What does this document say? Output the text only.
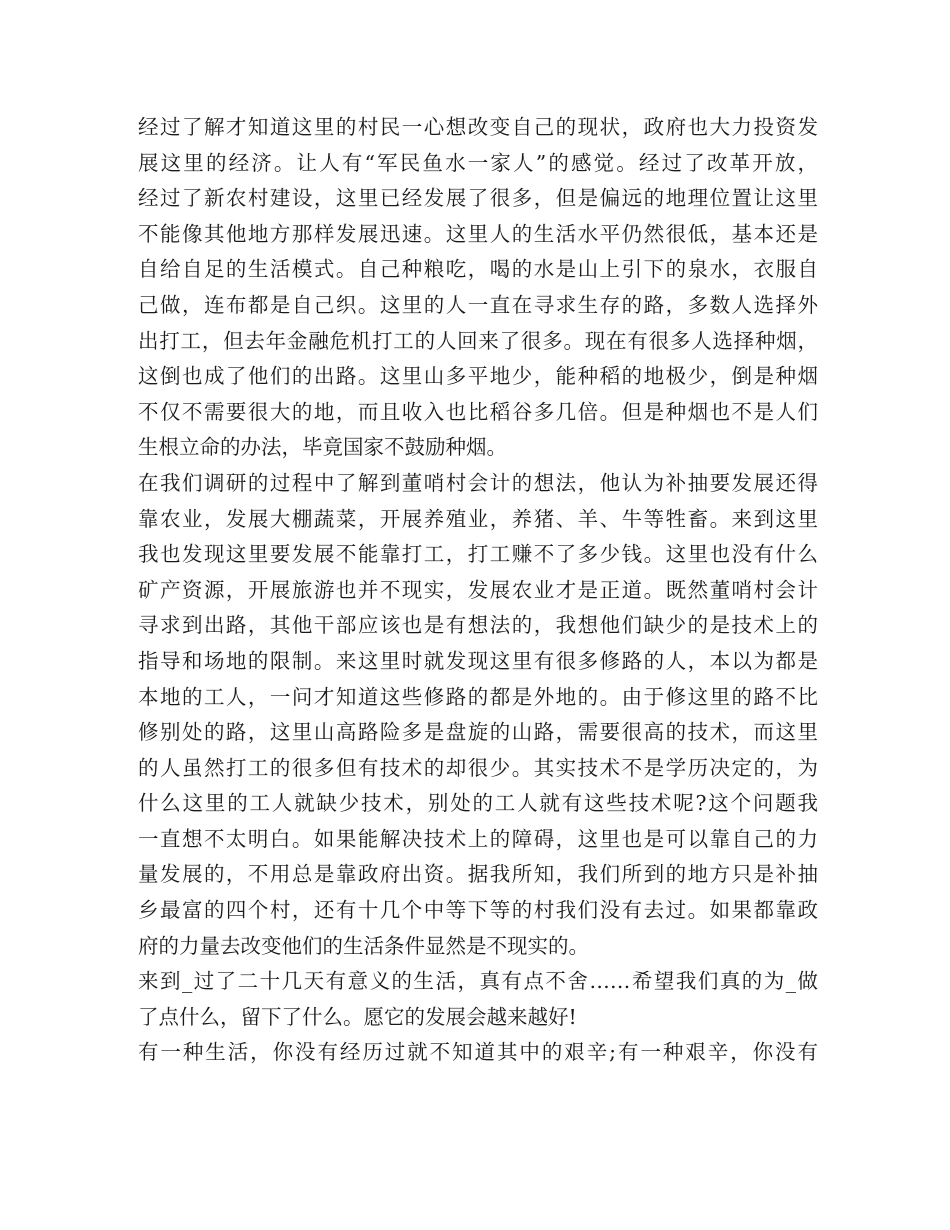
经过了解才知道这里的村民一心想改变自己的现状，政府也大力投资发
展这里的经济。让人有“军民鱼水一家人”的感觉。经过了改革开放，
经过了新农村建设，这里已经发展了很多，但是偏远的地理位置让这里
不能像其他地方那样发展迅速。这里人的生活水平仍然很低，基本还是
自给自足的生活模式。自己种粮吃，喝的水是山上引下的泉水，衣服自
己做，连布都是自己织。这里的人一直在寻求生存的路，多数人选择外
出打工，但去年金融危机打工的人回来了很多。现在有很多人选择种烟，
这倒也成了他们的出路。这里山多平地少，能种稻的地极少，倒是种烟
不仅不需要很大的地，而且收入也比稻谷多几倍。但是种烟也不是人们
生根立命的办法，毕竟国家不鼓励种烟。
在我们调研的过程中了解到董哨村会计的想法，他认为补抽要发展还得
靠农业，发展大棚蔬菜，开展养殖业，养猪、羊、牛等牲畜。来到这里
我也发现这里要发展不能靠打工，打工赚不了多少钱。这里也没有什么
矿产资源，开展旅游也并不现实，发展农业才是正道。既然董哨村会计
寻求到出路，其他干部应该也是有想法的，我想他们缺少的是技术上的
指导和场地的限制。来这里时就发现这里有很多修路的人，本以为都是
本地的工人，一问才知道这些修路的都是外地的。由于修这里的路不比
修别处的路，这里山高路险多是盘旋的山路，需要很高的技术，而这里
的人虽然打工的很多但有技术的却很少。其实技术不是学历决定的，为
什么这里的工人就缺少技术，别处的工人就有这些技术呢?这个问题我
一直想不太明白。如果能解决技术上的障碍，这里也是可以靠自己的力
量发展的，不用总是靠政府出资。据我所知，我们所到的地方只是补抽
乡最富的四个村，还有十几个中等下等的村我们没有去过。如果都靠政
府的力量去改变他们的生活条件显然是不现实的。
来到_过了二十几天有意义的生活，真有点不舍……希望我们真的为_做
了点什么，留下了什么。愿它的发展会越来越好!
有一种生活，你没有经历过就不知道其中的艰辛;有一种艰辛，你没有
